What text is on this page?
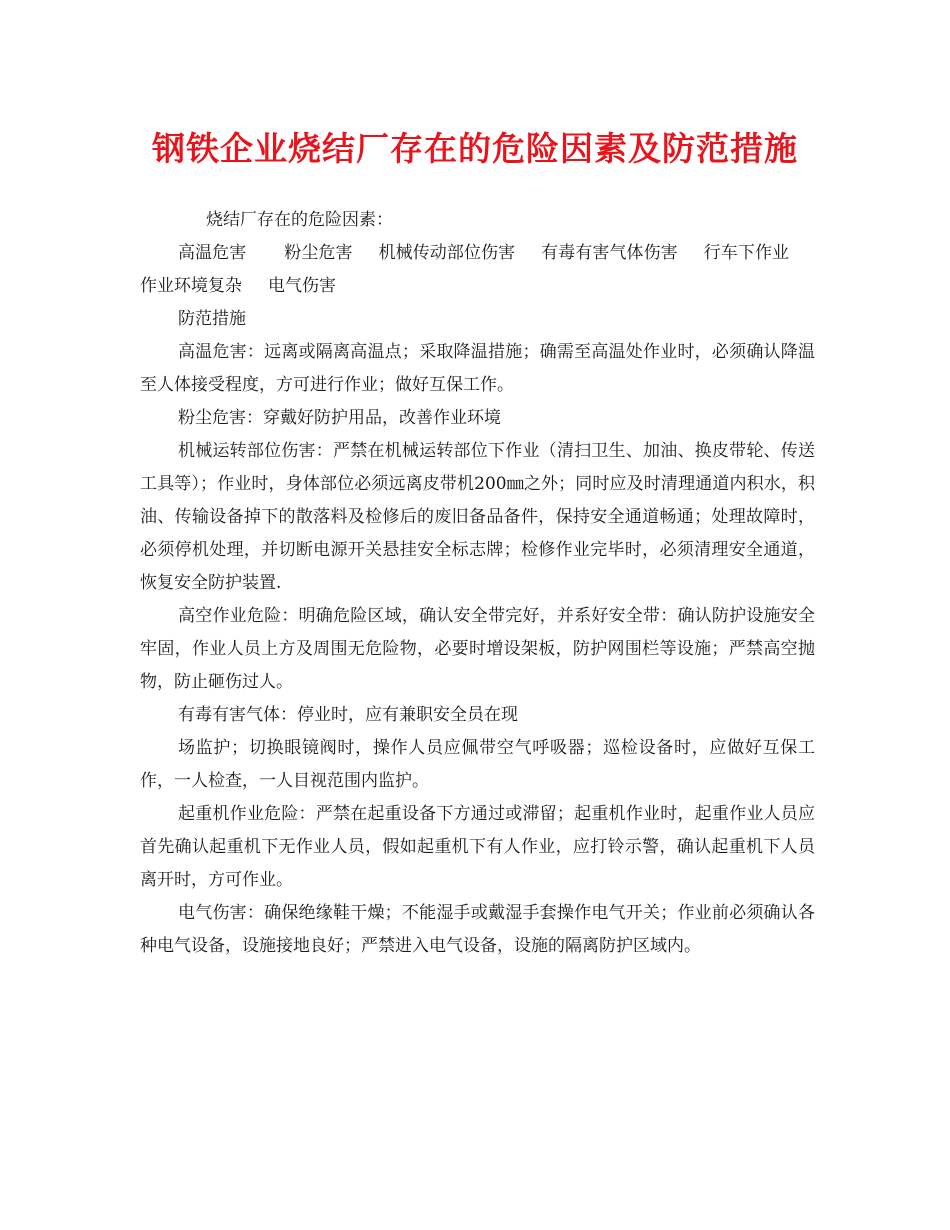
钢铁企业烧结厂存在的危险因素及防范措施

烧结厂存在的危险因素：

高温危害 粉尘危害 机械传动部位伤害 有毒有害气体伤害 行车下作业作业环境复杂 电气伤害

防范措施

高温危害：远离或隔离高温点；采取降温措施；确需至高温处作业时，必须确认降温至人体接受程度，方可进行作业；做好互保工作。

粉尘危害：穿戴好防护用品，改善作业环境

机械运转部位伤害：严禁在机械运转部位下作业（清扫卫生、加油、换皮带轮、传送工具等）；作业时，身体部位必须远离皮带机200㎜之外；同时应及时清理通道内积水，积油、传输设备掉下的散落料及检修后的废旧备品备件，保持安全通道畅通；处理故障时，必须停机处理，并切断电源开关悬挂安全标志牌；检修作业完毕时，必须清理安全通道，恢复安全防护装置.

高空作业危险：明确危险区域，确认安全带完好，并系好安全带：确认防护设施安全牢固，作业人员上方及周围无危险物，必要时增设架板，防护网围栏等设施；严禁高空抛物，防止砸伤过人。

有毒有害气体：停业时，应有兼职安全员在现

场监护；切换眼镜阀时，操作人员应佩带空气呼吸器；巡检设备时，应做好互保工作，一人检查，一人目视范围内监护。

起重机作业危险：严禁在起重设备下方通过或滞留；起重机作业时，起重作业人员应首先确认起重机下无作业人员，假如起重机下有人作业，应打铃示警，确认起重机下人员离开时，方可作业。

电气伤害：确保绝缘鞋干燥；不能湿手或戴湿手套操作电气开关；作业前必须确认各种电气设备，设施接地良好；严禁进入电气设备，设施的隔离防护区域内。
